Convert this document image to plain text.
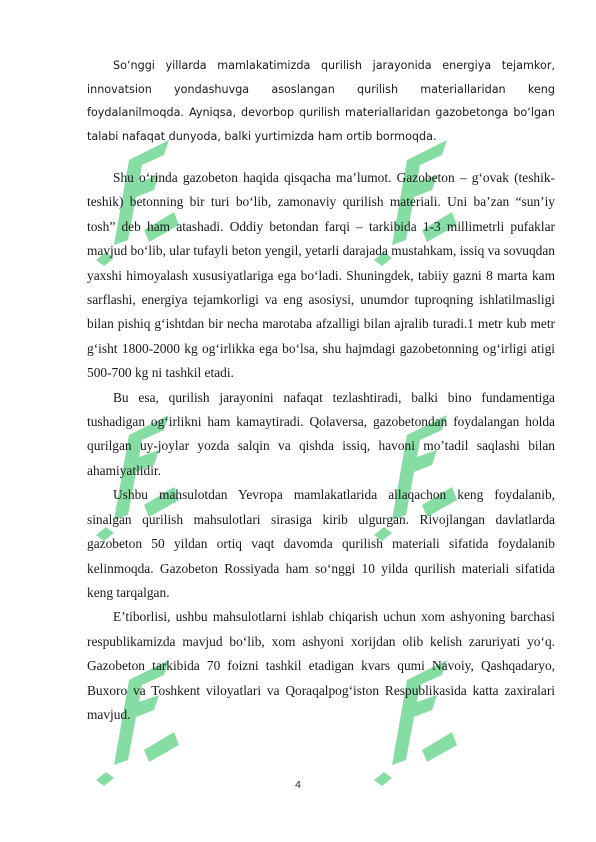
So‘nggi yillarda mamlakatimizda qurilish jarayonida energiya tejamkor, innovatsion yondashuvga asoslangan qurilish materiallaridan keng foydalanilmoqda. Ayniqsa, devorbop qurilish materiallaridan gazobetonga bo‘lgan talabi nafaqat dunyoda, balki yurtimizda ham ortib bormoqda.

Shu o‘rinda gazobeton haqida qisqacha ma’lumot. Gazobeton – g‘ovak (teshik-teshik) betonning bir turi bo‘lib, zamonaviy qurilish materiali. Uni ba’zan “sun’iy tosh” deb ham atashadi. Oddiy betondan farqi – tarkibida 1-3 millimetrli pufaklar mavjud bo‘lib, ular tufayli beton yengil, yetarli darajada mustahkam, issiq va sovuqdan yaxshi himoyalash xususiyatlariga ega bo‘ladi. Shuningdek, tabiiy gazni 8 marta kam sarflashi, energiya tejamkorligi va eng asosiysi, unumdor tuproqning ishlatilmasligi bilan pishiq g‘ishtdan bir necha marotaba afzalligi bilan ajralib turadi.1 metr kub metr g‘isht 1800-2000 kg og‘irlikka ega bo‘lsa, shu hajmdagi gazobetonning og‘irligi atigi 500-700 kg ni tashkil etadi.

Bu esa, qurilish jarayonini nafaqat tezlashtiradi, balki bino fundamentiga tushadigan og‘irlikni ham kamaytiradi. Qolaversa, gazobetondan foydalangan holda qurilgan uy-joylar yozda salqin va qishda issiq, havoni mo’tadil saqlashi bilan ahamiyatlidir.

Ushbu mahsulotdan Yevropa mamlakatlarida allaqachon keng foydalanib, sinalgan qurilish mahsulotlari sirasiga kirib ulgurgan. Rivojlangan davlatlarda gazobeton 50 yildan ortiq vaqt davomda qurilish materiali sifatida foydalanib kelinmoqda. Gazobeton Rossiyada ham so‘nggi 10 yilda qurilish materiali sifatida keng tarqalgan.

E’tiborlisi, ushbu mahsulotlarni ishlab chiqarish uchun xom ashyoning barchasi respublikamizda mavjud bo‘lib, xom ashyoni xorijdan olib kelish zaruriyati yo‘q. Gazobeton tarkibida 70 foizni tashkil etadigan kvars qumi Navoiy, Qashqadaryo, Buxoro va Toshkent viloyatlari va Qoraqalpog‘iston Respublikasida katta zaxiralari mavjud.

4
